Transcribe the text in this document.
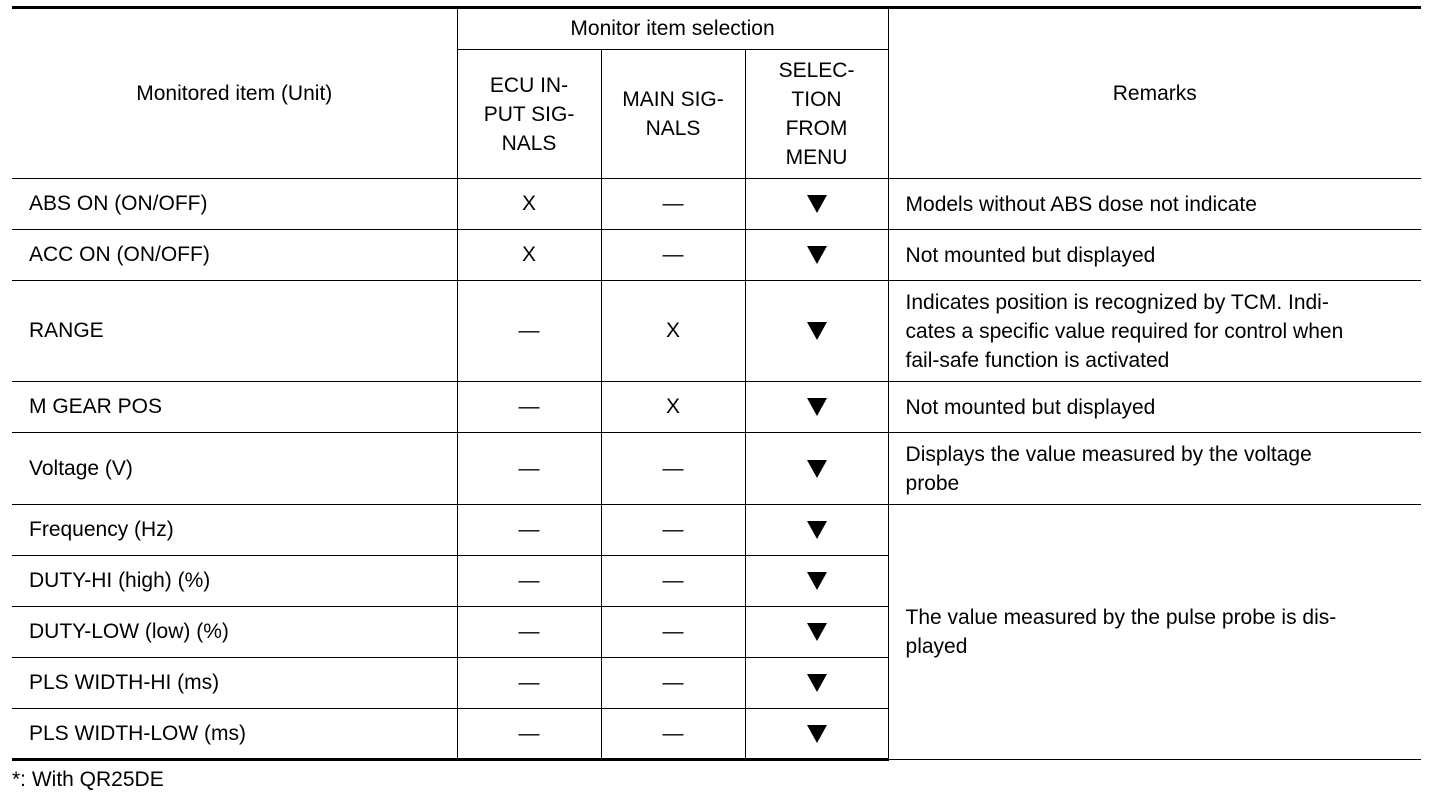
Monitored item (Unit)	Monitor item selection			Remarks
	ECU IN-
PUT SIG-
NALS	MAIN SIG-
NALS	SELEC-
TION
FROM
MENU	
ABS ON (ON/OFF)	X	—		Models without ABS dose not indicate
ACC ON (ON/OFF)	X	—		Not mounted but displayed
RANGE	—	X		Indicates position is recognized by TCM. Indi-
cates a specific value required for control when
fail-safe function is activated
M GEAR POS	—	X		Not mounted but displayed
Voltage (V)	—	—		Displays the value measured by the voltage
probe
Frequency (Hz)	—	—		The value measured by the pulse probe is dis-
played
DUTY-HI (high) (%)	—	—		
DUTY-LOW (low) (%)	—	—		
PLS WIDTH-HI (ms)	—	—		
PLS WIDTH-LOW (ms)	—	—		
*: With QR25DE
